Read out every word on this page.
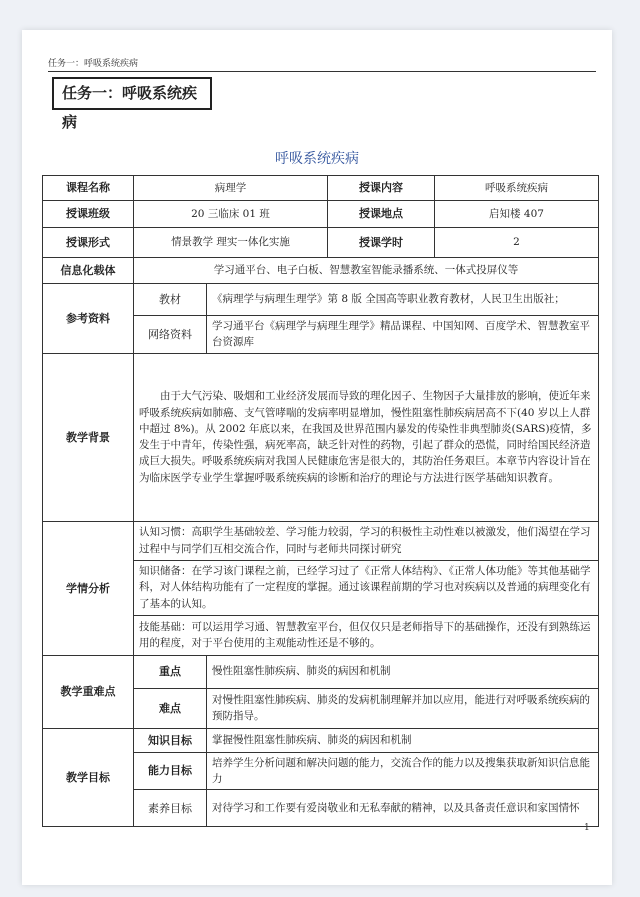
任务一：呼吸系统疾病
任务一：呼吸系统疾病
呼吸系统疾病
课程名称	病理学		授课内容	呼吸系统疾病
授课班级	20 三临床 01 班		授课地点	启知楼 407
授课形式	情景教学 理实一体化实施		授课学时	2
信息化载体	学习通平台、电子白板、智慧教室智能录播系统、一体式投屏仪等			
参考资料	教材	《病理学与病理生理学》第 8 版 全国高等职业教育教材，人民卫生出版社；		
	网络资料	学习通平台《病理学与病理生理学》精品课程、中国知网、百度学术、智慧教室平台资源库		
教学背景	由于大气污染、吸烟和工业经济发展而导致的理化因子、生物因子大量排放的影响，使近年来呼吸系统疾病如肺癌、支气管哮喘的发病率明显增加，慢性阻塞性肺疾病居高不下(40 岁以上人群中超过 8%)。从 2002 年底以来，在我国及世界范围内暴发的传染性非典型肺炎(SARS)疫情，多发生于中青年，传染性强，病死率高，缺乏针对性的药物，引起了群众的恐慌，同时给国民经济造成巨大损失。呼吸系统疾病对我国人民健康危害是很大的，其防治任务艰巨。本章节内容设计旨在为临床医学专业学生掌握呼吸系统疾病的诊断和治疗的理论与方法进行医学基础知识教育。			
学情分析	认知习惯：高职学生基础较差、学习能力较弱，学习的积极性主动性难以被激发，他们渴望在学习过程中与同学们互相交流合作，同时与老师共同探讨研究			
	知识储备：在学习该门课程之前，已经学习过了《正常人体结构》、《正常人体功能》等其他基础学科，对人体结构功能有了一定程度的掌握。通过该课程前期的学习也对疾病以及普通的病理变化有了基本的认知。			
	技能基础：可以运用学习通、智慧教室平台，但仅仅只是老师指导下的基础操作，还没有到熟练运用的程度，对于平台使用的主观能动性还是不够的。			
教学重难点	重点	慢性阻塞性肺疾病、肺炎的病因和机制		
	难点	对慢性阻塞性肺疾病、肺炎的发病机制理解并加以应用，能进行对呼吸系统疾病的预防指导。		
教学目标	知识目标	掌握慢性阻塞性肺疾病、肺炎的病因和机制		
	能力目标	培养学生分析问题和解决问题的能力，交流合作的能力以及搜集获取新知识信息能力		
	素养目标	对待学习和工作要有爱岗敬业和无私奉献的精神，以及具备责任意识和家国情怀		
1
